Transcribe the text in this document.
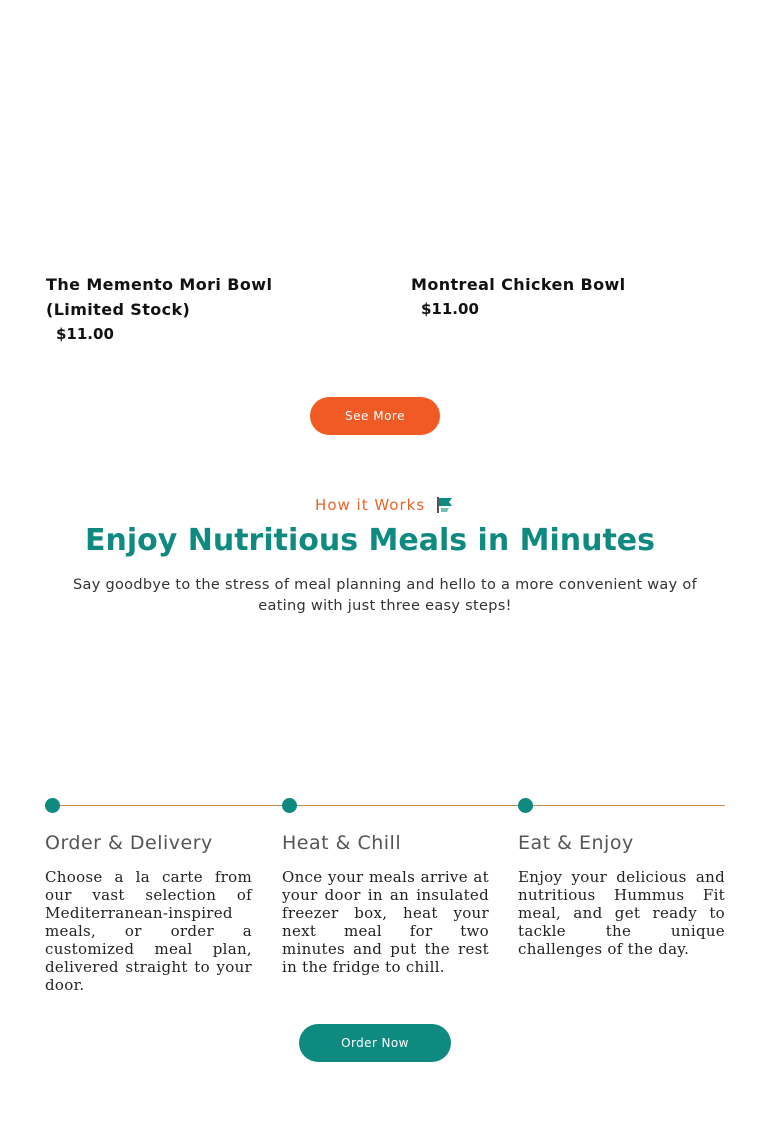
The Memento Mori Bowl (Limited Stock)
$11.00
Montreal Chicken Bowl
$11.00
See More
How it Works
Enjoy Nutritious Meals in Minutes

Say goodbye to the stress of meal planning and hello to a more convenient way of eating with just three easy steps!

Order & Delivery
Choose a la carte from our vast selection of Mediterranean-inspired meals, or order a customized meal plan, delivered straight to your door.
Heat & Chill
Once your meals arrive at your door in an insulated freezer box, heat your next meal for two minutes and put the rest in the fridge to chill.
Eat & Enjoy
Enjoy your delicious and nutritious Hummus Fit meal, and get ready to tackle the unique challenges of the day.
Order Now
